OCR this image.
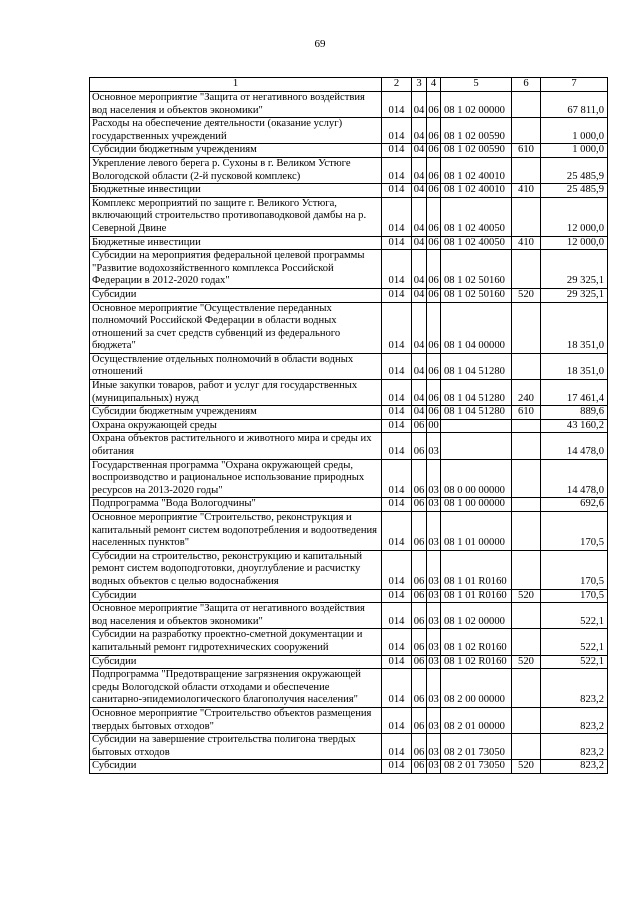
69
1	2	3	4	5	6	7
Основное мероприятие "Защита от негативного воздействия вод населения и объектов экономики"	014	04	06	08 1 02 00000		67 811,0
Расходы на обеспечение деятельности (оказание услуг) государственных учреждений	014	04	06	08 1 02 00590		1 000,0
Субсидии бюджетным учреждениям	014	04	06	08 1 02 00590	610	1 000,0
Укрепление левого берега р. Сухоны в г. Великом Устюге Вологодской области (2-й пусковой комплекс)	014	04	06	08 1 02 40010		25 485,9
Бюджетные инвестиции	014	04	06	08 1 02 40010	410	25 485,9
Комплекс мероприятий по защите г. Великого Устюга, включающий строительство противопаводковой дамбы на р. Северной Двине	014	04	06	08 1 02 40050		12 000,0
Бюджетные инвестиции	014	04	06	08 1 02 40050	410	12 000,0
Субсидии на мероприятия федеральной целевой программы "Развитие водохозяйственного комплекса Российской Федерации в 2012-2020 годах"	014	04	06	08 1 02 50160		29 325,1
Субсидии	014	04	06	08 1 02 50160	520	29 325,1
Основное мероприятие "Осуществление переданных полномочий Российской Федерации в области водных отношений за счет средств субвенций из федерального бюджета"	014	04	06	08 1 04 00000		18 351,0
Осуществление отдельных полномочий в области водных отношений	014	04	06	08 1 04 51280		18 351,0
Иные закупки товаров, работ и услуг для государственных (муниципальных) нужд	014	04	06	08 1 04 51280	240	17 461,4
Субсидии бюджетным учреждениям	014	04	06	08 1 04 51280	610	889,6
Охрана окружающей среды	014	06	00			43 160,2
Охрана объектов растительного и животного мира и среды их обитания	014	06	03			14 478,0
Государственная программа "Охрана окружающей среды, воспроизводство и рациональное использование природных ресурсов на 2013-2020 годы"	014	06	03	08 0 00 00000		14 478,0
Подпрограмма "Вода Вологодчины"	014	06	03	08 1 00 00000		692,6
Основное мероприятие "Строительство, реконструкция и капитальный ремонт систем водопотребления и водоотведения населенных пунктов"	014	06	03	08 1 01 00000		170,5
Субсидии на строительство, реконструкцию и капитальный ремонт систем водоподготовки, дноуглубление и расчистку водных объектов с целью водоснабжения	014	06	03	08 1 01 R0160		170,5
Субсидии	014	06	03	08 1 01 R0160	520	170,5
Основное мероприятие "Защита от негативного воздействия вод населения и объектов экономики"	014	06	03	08 1 02 00000		522,1
Субсидии на разработку проектно-сметной документации и капитальный ремонт гидротехнических сооружений	014	06	03	08 1 02 R0160		522,1
Субсидии	014	06	03	08 1 02 R0160	520	522,1
Подпрограмма "Предотвращение загрязнения окружающей среды Вологодской области отходами и обеспечение санитарно-эпидемиологического благополучия населения"	014	06	03	08 2 00 00000		823,2
Основное мероприятие "Строительство объектов размещения твердых бытовых отходов"	014	06	03	08 2 01 00000		823,2
Субсидии на завершение строительства полигона твердых бытовых отходов	014	06	03	08 2 01 73050		823,2
Субсидии	014	06	03	08 2 01 73050	520	823,2
